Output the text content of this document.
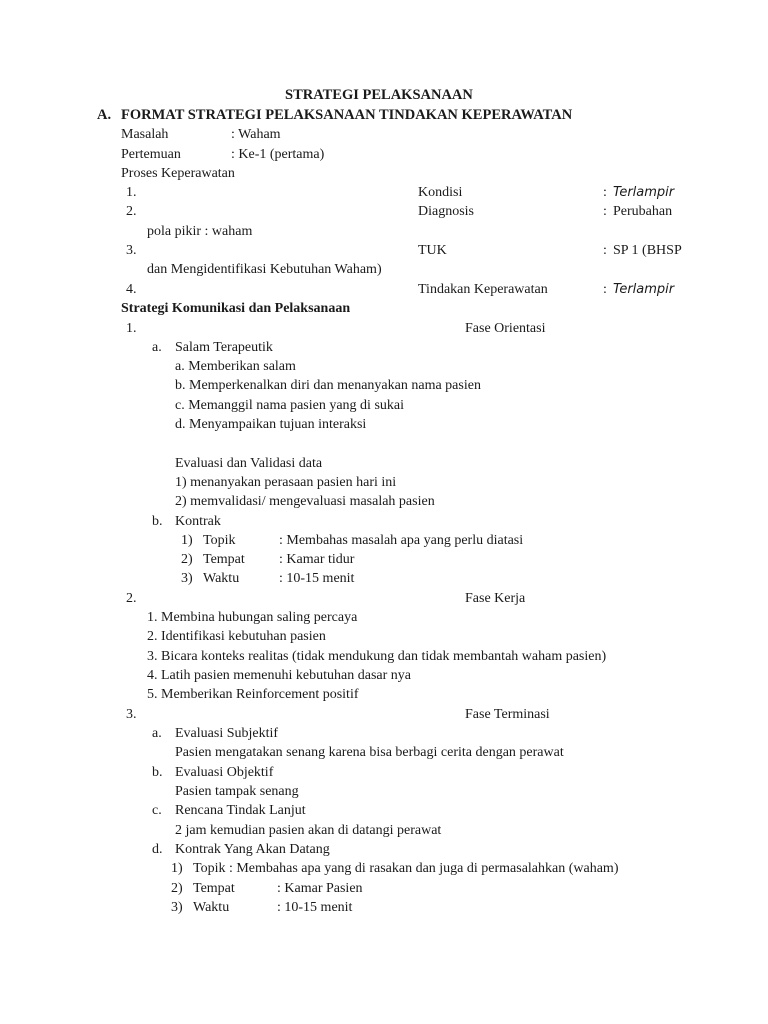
STRATEGI PELAKSANAAN
A. FORMAT STRATEGI PELAKSANAAN TINDAKAN KEPERAWATAN
Masalah	: Waham
Pertemuan	: Ke-1 (pertama)
Proses Keperawatan
1.	Kondisi	: Terlampir
2.	Diagnosis	: Perubahan
pola pikir : waham
3.	TUK	: SP 1 (BHSP
dan Mengidentifikasi Kebutuhan Waham)
4.	Tindakan Keperawatan	: Terlampir
Strategi Komunikasi dan Pelaksanaan
1.	Fase Orientasi
a. Salam Terapeutik
a. Memberikan salam
b. Memperkenalkan diri dan menanyakan nama pasien
c. Memanggil nama pasien yang di sukai
d. Menyampaikan tujuan interaksi
Evaluasi dan Validasi data
1) menanyakan perasaan pasien hari ini
2) memvalidasi/ mengevaluasi masalah pasien
b. Kontrak
1) Topik	: Membahas masalah apa yang perlu diatasi
2) Tempat : Kamar tidur
3) Waktu	: 10-15 menit
2.	Fase Kerja
1. Membina hubungan saling percaya
2. Identifikasi kebutuhan pasien
3. Bicara konteks realitas (tidak mendukung dan tidak membantah waham pasien)
4. Latih pasien memenuhi kebutuhan dasar nya
5. Memberikan Reinforcement positif
3.	Fase Terminasi
a. Evaluasi Subjektif
Pasien mengatakan senang karena bisa berbagi cerita dengan perawat
b. Evaluasi Objektif
Pasien tampak senang
c. Rencana Tindak Lanjut
2 jam kemudian pasien akan di datangi perawat
d. Kontrak Yang Akan Datang
1) Topik : Membahas apa yang di rasakan dan juga di permasalahkan (waham)
2) Tempat	: Kamar Pasien
3) Waktu	: 10-15 menit
